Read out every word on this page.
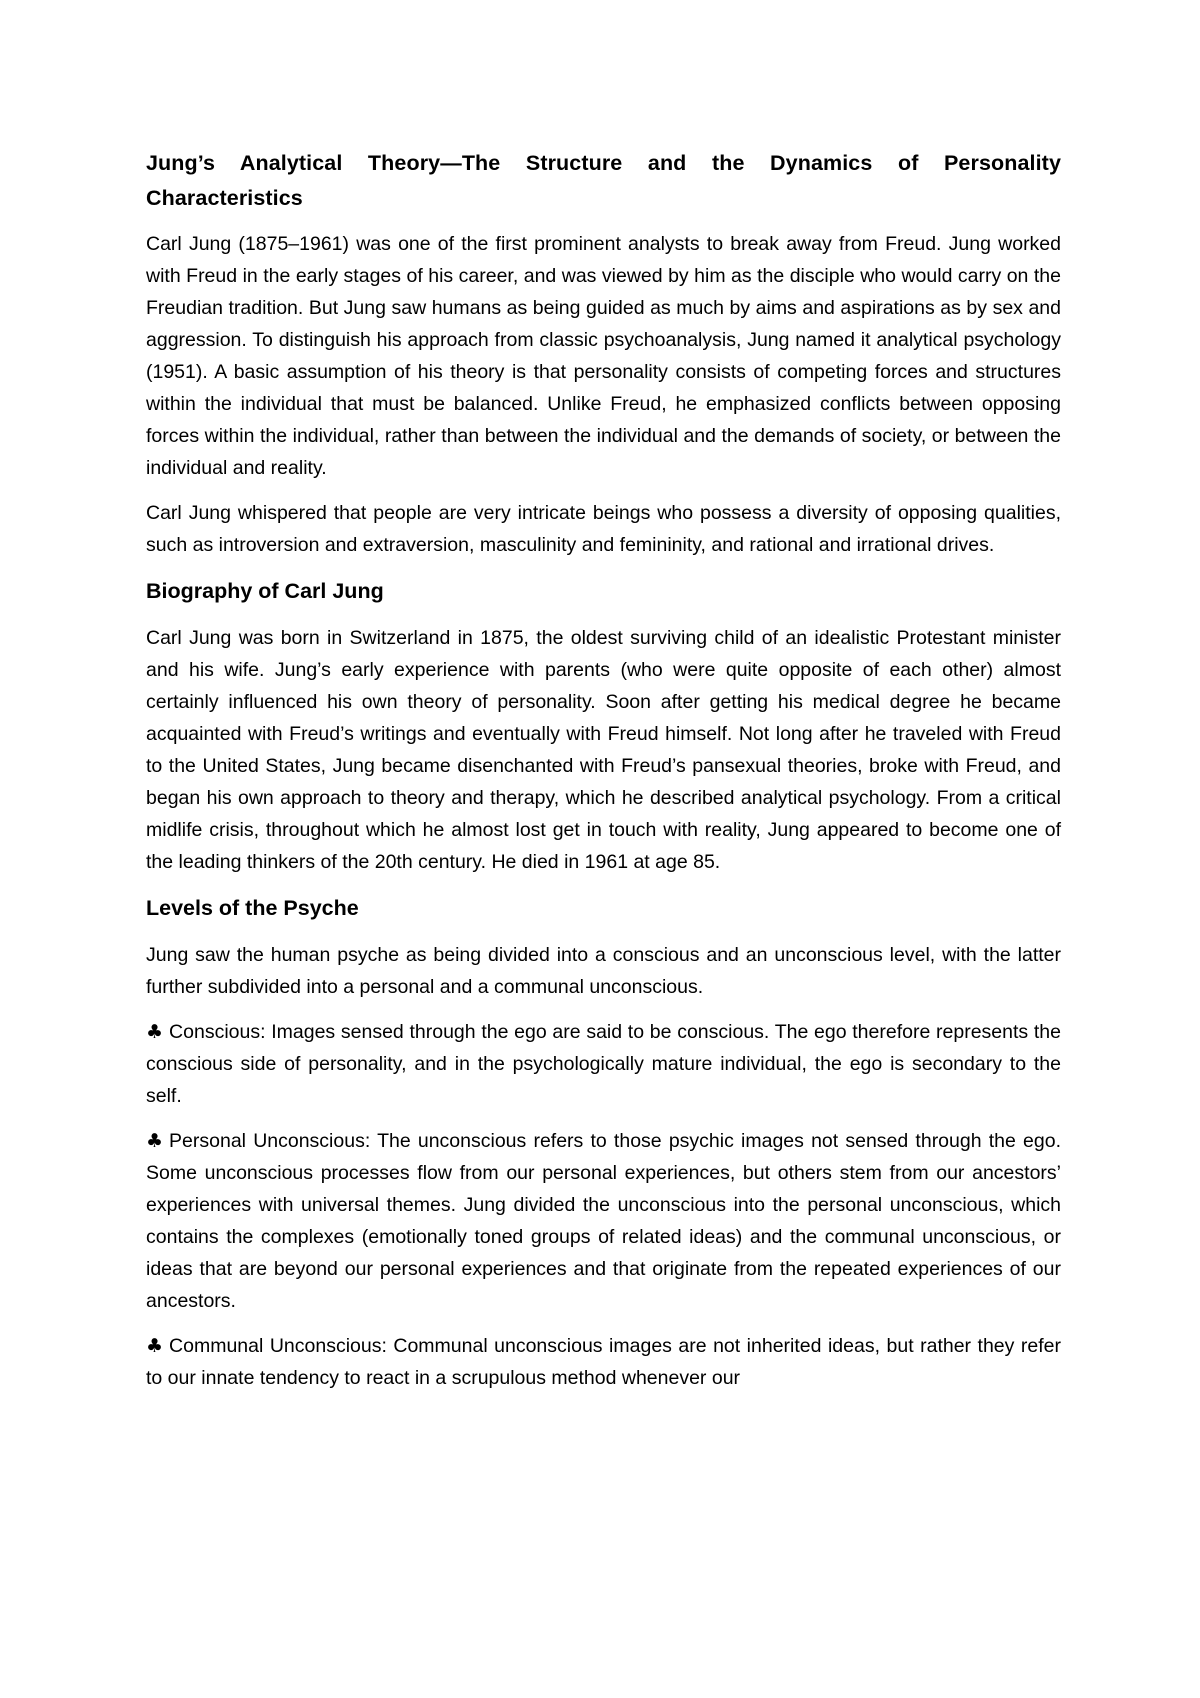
Jung’s Analytical Theory—The Structure and the Dynamics of Personality Characteristics

Carl Jung (1875–1961) was one of the first prominent analysts to break away from Freud. Jung worked with Freud in the early stages of his career, and was viewed by him as the disciple who would carry on the Freudian tradition. But Jung saw humans as being guided as much by aims and aspirations as by sex and aggression. To distinguish his approach from classic psychoanalysis, Jung named it analytical psychology (1951). A basic assumption of his theory is that personality consists of competing forces and structures within the individual that must be balanced. Unlike Freud, he emphasized conflicts between opposing forces within the individual, rather than between the individual and the demands of society, or between the individual and reality.

Carl Jung whispered that people are very intricate beings who possess a diversity of opposing qualities, such as introversion and extraversion, masculinity and femininity, and rational and irrational drives.

Biography of Carl Jung

Carl Jung was born in Switzerland in 1875, the oldest surviving child of an idealistic Protestant minister and his wife. Jung’s early experience with parents (who were quite opposite of each other) almost certainly influenced his own theory of personality. Soon after getting his medical degree he became acquainted with Freud’s writings and eventually with Freud himself. Not long after he traveled with Freud to the United States, Jung became disenchanted with Freud’s pansexual theories, broke with Freud, and began his own approach to theory and therapy, which he described analytical psychology. From a critical midlife crisis, throughout which he almost lost get in touch with reality, Jung appeared to become one of the leading thinkers of the 20th century. He died in 1961 at age 85.

Levels of the Psyche

Jung saw the human psyche as being divided into a conscious and an unconscious level, with the latter further subdivided into a personal and a communal unconscious.

♣ Conscious: Images sensed through the ego are said to be conscious. The ego therefore represents the conscious side of personality, and in the psychologically mature individual, the ego is secondary to the self.

♣ Personal Unconscious: The unconscious refers to those psychic images not sensed through the ego. Some unconscious processes flow from our personal experiences, but others stem from our ancestors’ experiences with universal themes. Jung divided the unconscious into the personal unconscious, which contains the complexes (emotionally toned groups of related ideas) and the communal unconscious, or ideas that are beyond our personal experiences and that originate from the repeated experiences of our ancestors.

♣ Communal Unconscious: Communal unconscious images are not inherited ideas, but rather they refer to our innate tendency to react in a scrupulous method whenever our
